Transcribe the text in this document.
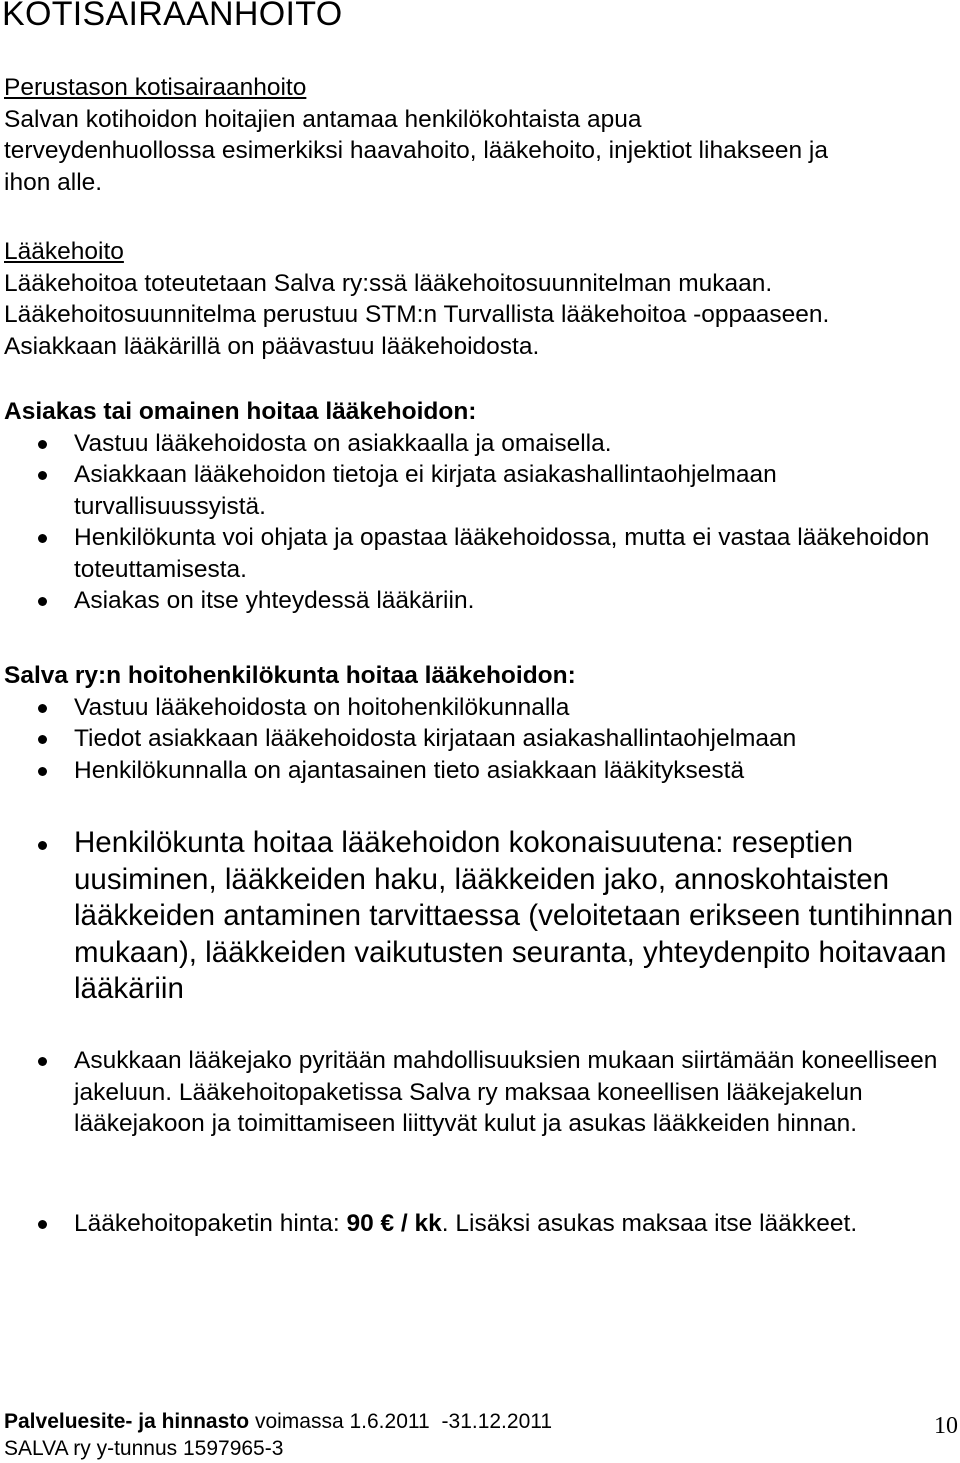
KOTISAIRAANHOITO

Perustason kotisairaanhoito

Salvan kotihoidon hoitajien antamaa henkilökohtaista apua

terveydenhuollossa esimerkiksi haavahoito, lääkehoito, injektiot lihakseen ja

ihon alle.

Lääkehoito

Lääkehoitoa toteutetaan Salva ry:ssä lääkehoitosuunnitelman mukaan.

Lääkehoitosuunnitelma perustuu STM:n Turvallista lääkehoitoa -oppaaseen.

Asiakkaan lääkärillä on päävastuu lääkehoidosta.

Asiakas tai omainen hoitaa lääkehoidon:

Vastuu lääkehoidosta on asiakkaalla ja omaisella.
Asiakkaan lääkehoidon tietoja ei kirjata asiakashallintaohjelmaan turvallisuussyistä.
Henkilökunta voi ohjata ja opastaa lääkehoidossa, mutta ei vastaa lääkehoidon toteuttamisesta.
Asiakas on itse yhteydessä lääkäriin.

Salva ry:n hoitohenkilökunta hoitaa lääkehoidon:

Vastuu lääkehoidosta on hoitohenkilökunnalla
Tiedot asiakkaan lääkehoidosta kirjataan asiakashallintaohjelmaan
Henkilökunnalla on ajantasainen tieto asiakkaan lääkityksestä
Henkilökunta hoitaa lääkehoidon kokonaisuutena: reseptien uusiminen, lääkkeiden haku, lääkkeiden jako, annoskohtaisten lääkkeiden antaminen tarvittaessa (veloitetaan erikseen tuntihinnan mukaan), lääkkeiden vaikutusten seuranta, yhteydenpito hoitavaan lääkäriin
Asukkaan lääkejako pyritään mahdollisuuksien mukaan siirtämään koneelliseen jakeluun. Lääkehoitopaketissa Salva ry maksaa koneellisen lääkejakelun lääkejakoon ja toimittamiseen liittyvät kulut ja asukas lääkkeiden hinnan.
Lääkehoitopaketin hinta: 90 € / kk. Lisäksi asukas maksaa itse lääkkeet.
Palveluesite- ja hinnasto voimassa 1.6.2011 -31.12.2011
SALVA ry y-tunnus 1597965-3
10
